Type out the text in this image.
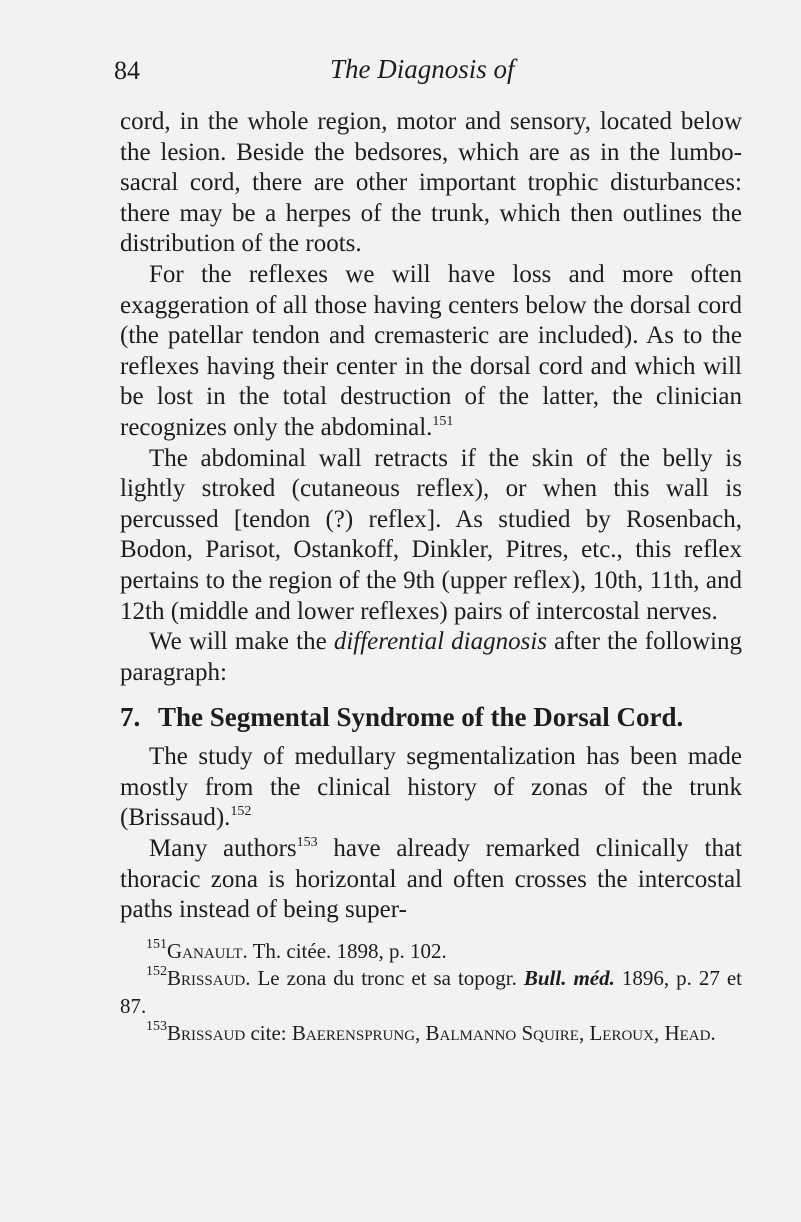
84	The Diagnosis of

cord, in the whole region, motor and sensory, located below the lesion. Beside the bedsores, which are as in the lumbo-sacral cord, there are other important trophic disturbances: there may be a herpes of the trunk, which then outlines the distribution of the roots.

For the reflexes we will have loss and more often exaggeration of all those having centers below the dorsal cord (the patellar tendon and cremasteric are included). As to the reflexes having their center in the dorsal cord and which will be lost in the total destruction of the latter, the clinician recognizes only the abdominal.$^{151}$

The abdominal wall retracts if the skin of the belly is lightly stroked (cutaneous reflex), or when this wall is percussed [tendon (?) reflex]. As studied by Rosenbach, Bodon, Parisot, Ostankoff, Dinkler, Pitres, etc., this reflex pertains to the region of the 9th (upper reflex), 10th, 11th, and 12th (middle and lower reflexes) pairs of intercostal nerves.

We will make the differential diagnosis after the following paragraph:

7. The Segmental Syndrome of the Dorsal Cord.

The study of medullary segmentalization has been made mostly from the clinical history of zonas of the trunk (Brissaud).$^{152}$

Many authors$^{153}$ have already remarked clinically that thoracic zona is horizontal and often crosses the intercostal paths instead of being super-

$^{151}$Ganault. Th. citée. 1898, p. 102.

$^{152}$Brissaud. Le zona du tronc et sa topogr. Bull. méd. 1896, p. 27 et 87.

$^{153}$Brissaud cite: Baerensprung, Balmanno Squire, Leroux, Head.
